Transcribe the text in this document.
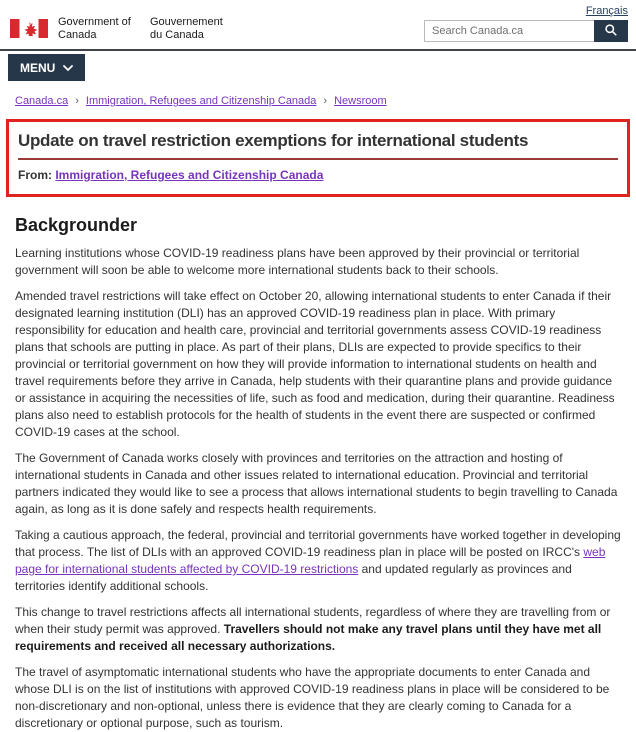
Français
Government of Canada
Gouvernement du Canada
Search Canada.ca
MENU
Canada.ca › Immigration, Refugees and Citizenship Canada › Newsroom
Update on travel restriction exemptions for international students

From: Immigration, Refugees and Citizenship Canada

Backgrounder

Learning institutions whose COVID-19 readiness plans have been approved by their provincial or territorial government will soon be able to welcome more international students back to their schools.

Amended travel restrictions will take effect on October 20, allowing international students to enter Canada if their designated learning institution (DLI) has an approved COVID-19 readiness plan in place. With primary responsibility for education and health care, provincial and territorial governments assess COVID-19 readiness plans that schools are putting in place. As part of their plans, DLIs are expected to provide specifics to their provincial or territorial government on how they will provide information to international students on health and travel requirements before they arrive in Canada, help students with their quarantine plans and provide guidance or assistance in acquiring the necessities of life, such as food and medication, during their quarantine. Readiness plans also need to establish protocols for the health of students in the event there are suspected or confirmed COVID-19 cases at the school.

The Government of Canada works closely with provinces and territories on the attraction and hosting of international students in Canada and other issues related to international education. Provincial and territorial partners indicated they would like to see a process that allows international students to begin travelling to Canada again, as long as it is done safely and respects health requirements.

Taking a cautious approach, the federal, provincial and territorial governments have worked together in developing that process. The list of DLIs with an approved COVID-19 readiness plan in place will be posted on IRCC's web page for international students affected by COVID-19 restrictions and updated regularly as provinces and territories identify additional schools.

This change to travel restrictions affects all international students, regardless of where they are travelling from or when their study permit was approved. Travellers should not make any travel plans until they have met all requirements and received all necessary authorizations.

The travel of asymptomatic international students who have the appropriate documents to enter Canada and whose DLI is on the list of institutions with approved COVID-19 readiness plans in place will be considered to be non-discretionary and non-optional, unless there is evidence that they are clearly coming to Canada for a discretionary or optional purpose, such as tourism.
